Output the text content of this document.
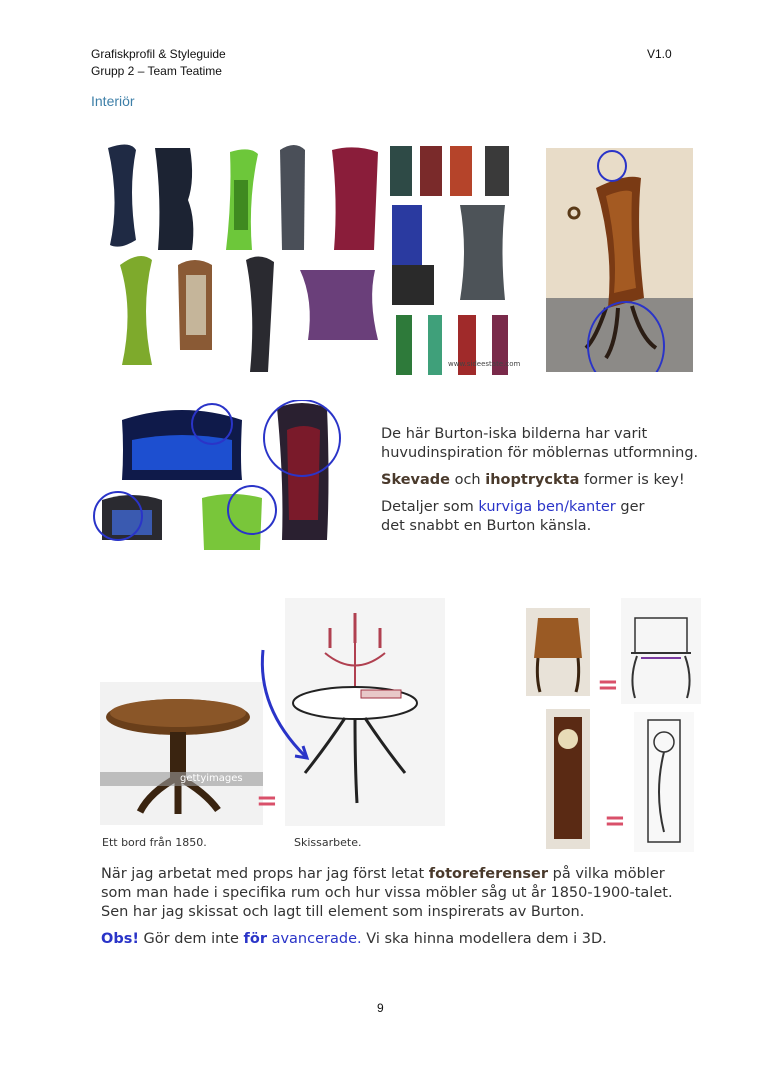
Grafiskprofil & Styleguide
Grupp 2 – Team Teatime
V1.0
Interiör
www.sideestate.com
De här Burton-iska bilderna har varit
huvudinspiration för möblernas utformning.
Skevade och ihoptryckta former is key!
Detaljer som kurviga ben/kanter ger
det snabbt en Burton känsla.
gettyimages
=
Ett bord från 1850.	Skissarbete.
=
=
När jag arbetat med props har jag först letat fotoreferenser på vilka möbler
som man hade i specifika rum och hur vissa möbler såg ut år 1850-1900-talet.
Sen har jag skissat och lagt till element som inspirerats av Burton.
Obs! Gör dem inte för avancerade. Vi ska hinna modellera dem i 3D.
9
